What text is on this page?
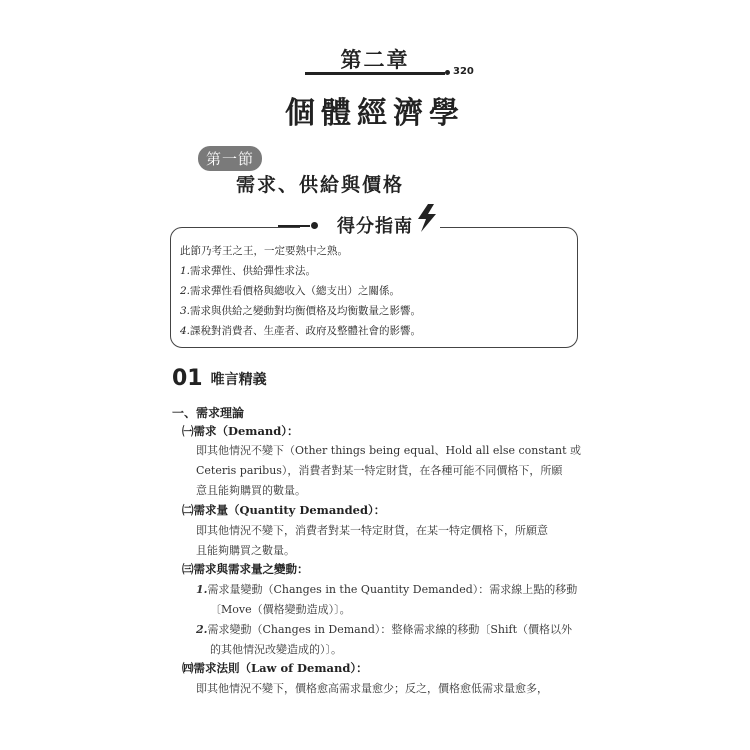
第二章	320
個體經濟學
第一節
需求、供給與價格
得分指南
此節乃考王之王，一定要熟中之熟。
1.需求彈性、供給彈性求法。
2.需求彈性看價格與總收入（總支出）之關係。
3.需求與供給之變動對均衡價格及均衡數量之影響。
4.課稅對消費者、生產者、政府及整體社會的影響。
01 唯言精義
一、需求理論
㈠需求（Demand）：
即其他情況不變下（Other things being equal、Hold all else constant 或
Ceteris paribus），消費者對某一特定財貨，在各種可能不同價格下，所願
意且能夠購買的數量。
㈡需求量（Quantity Demanded）：
即其他情況不變下，消費者對某一特定財貨，在某一特定價格下，所願意
且能夠購買之數量。
㈢需求與需求量之變動：
1.需求量變動（Changes in the Quantity Demanded）：需求線上點的移動
〔Move（價格變動造成）〕。
2.需求變動（Changes in Demand）：整條需求線的移動〔Shift（價格以外
的其他情況改變造成的）〕。
㈣需求法則（Law of Demand）：
即其他情況不變下，價格愈高需求量愈少；反之，價格愈低需求量愈多，
